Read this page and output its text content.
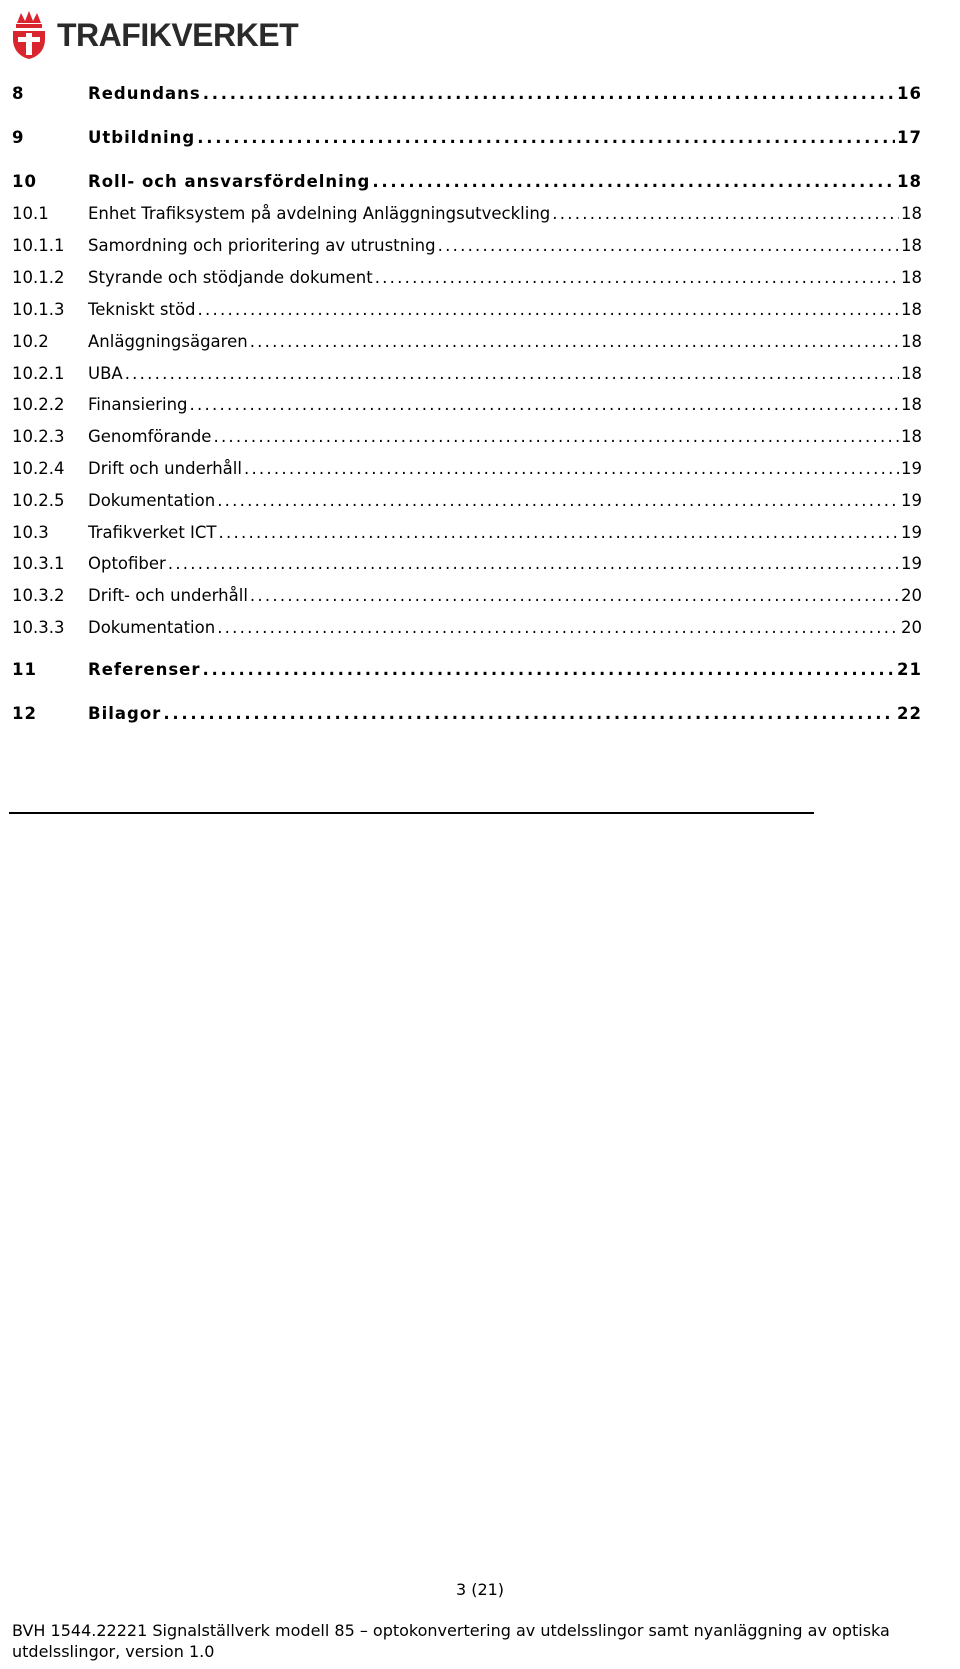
TRAFIKVERKET
8	Redundans . . .	16
9	Utbildning . . .	17
10	Roll- och ansvarsfördelning . . .	18
10.1 Enhet Trafiksystem på avdelning Anläggningsutveckling . . .	18
10.1.1 Samordning och prioritering av utrustning . . .	18
10.1.2 Styrande och stödjande dokument . . .	18
10.1.3 Tekniskt stöd . . .	18
10.2 Anläggningsägaren . . .	18
10.2.1 UBA . . .	18
10.2.2 Finansiering . . .	18
10.2.3 Genomförande . . .	18
10.2.4 Drift och underhåll . . .	19
10.2.5 Dokumentation . . .	19
10.3 Trafikverket ICT . . .	19
10.3.1 Optofiber . . .	19
10.3.2 Drift- och underhåll . . .	20
10.3.3 Dokumentation . . .	20
11	Referenser . . .	21
12	Bilagor . . .	22
3 (21)
BVH 1544.22221 Signalställverk modell 85 – optokonvertering av utdelsslingor samt nyanläggning av optiska utdelsslingor, version 1.0
